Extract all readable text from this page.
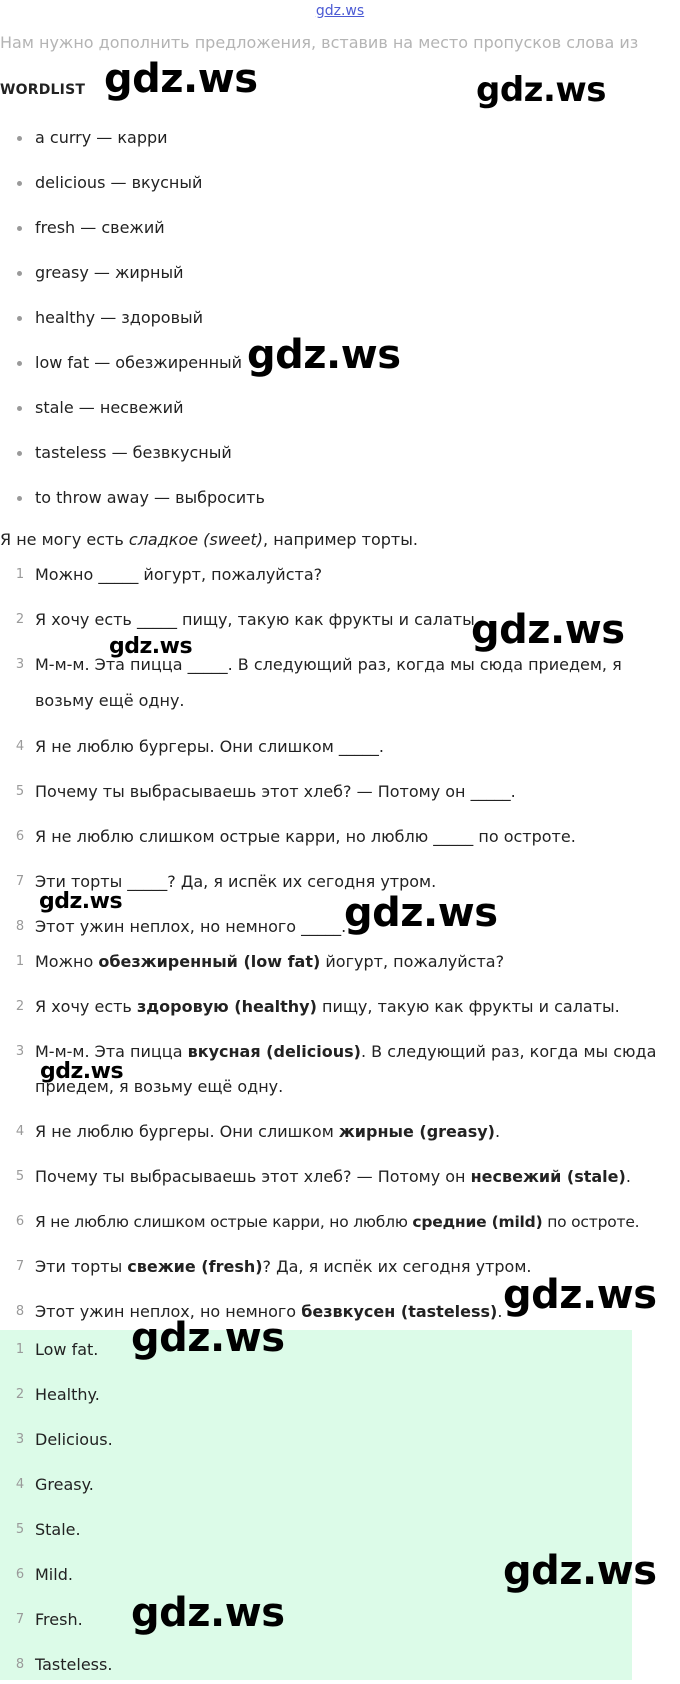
gdz.ws
Нам нужно дополнить предложения, вставив на место пропусков слова из
WORDLIST
a curry — карри
delicious — вкусный
fresh — свежий
greasy — жирный
healthy — здоровый
low fat — обезжиренный
stale — несвежий
tasteless — безвкусный
to throw away — выбросить
Я не могу есть сладкое (sweet), например торты.
1 Можно _____ йогурт, пожалуйста?
2 Я хочу есть _____ пищу, такую как фрукты и салаты.
3 М-м-м. Эта пицца _____. В следующий раз, когда мы сюда приедем, я возьму ещё одну.
4 Я не люблю бургеры. Они слишком _____.
5 Почему ты выбрасываешь этот хлеб? — Потому он _____.
6 Я не люблю слишком острые карри, но люблю _____ по остроте.
7 Эти торты _____? Да, я испёк их сегодня утром.
8 Этот ужин неплох, но немного _____.
1 Можно обезжиренный (low fat) йогурт, пожалуйста?
2 Я хочу есть здоровую (healthy) пищу, такую как фрукты и салаты.
3 М-м-м. Эта пицца вкусная (delicious). В следующий раз, когда мы сюда приедем, я возьму ещё одну.
4 Я не люблю бургеры. Они слишком жирные (greasy).
5 Почему ты выбрасываешь этот хлеб? — Потому он несвежий (stale).
6 Я не люблю слишком острые карри, но люблю средние (mild) по остроте.
7 Эти торты свежие (fresh)? Да, я испёк их сегодня утром.
8 Этот ужин неплох, но немного безвкусен (tasteless).
1 Low fat.
2 Healthy.
3 Delicious.
4 Greasy.
5 Stale.
6 Mild.
7 Fresh.
8 Tasteless.
gdz.ws	gdz.ws
gdz.ws
gdz.ws
gdz.ws
gdz.ws	gdz.ws
gdz.ws
gdz.ws
gdz.ws
gdz.ws
gdz.ws
